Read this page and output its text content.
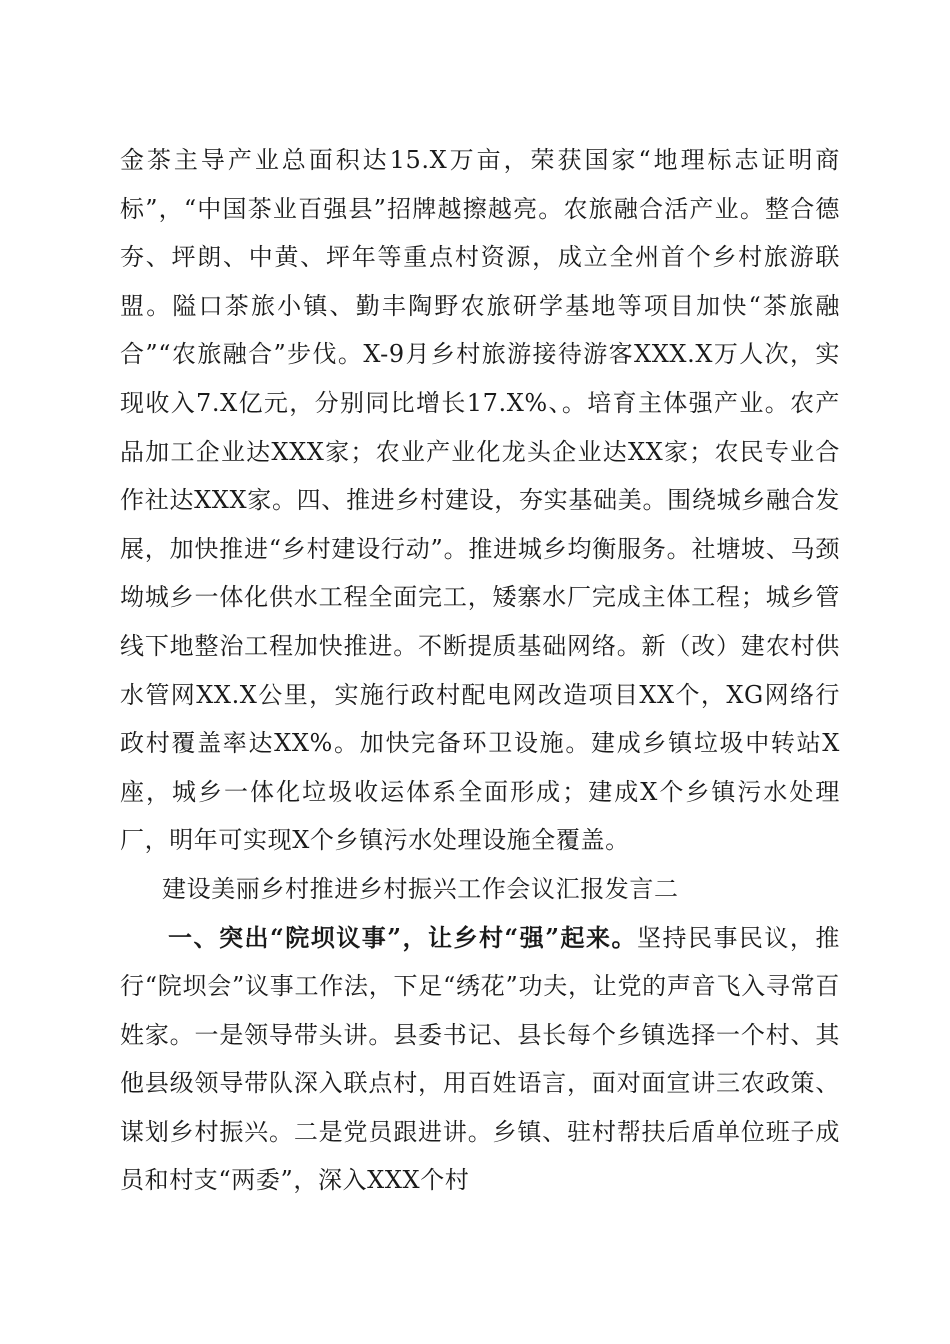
金茶主导产业总面积达15.X万亩，荣获国家“地理标志证明商标”，“中国茶业百强县”招牌越擦越亮。农旅融合活产业。整合德夯、坪朗、中黄、坪年等重点村资源，成立全州首个乡村旅游联盟。隘口茶旅小镇、勤丰陶野农旅研学基地等项目加快“茶旅融合”“农旅融合”步伐。X-9月乡村旅游接待游客XXX.X万人次，实现收入7.X亿元，分别同比增长17.X%、。培育主体强产业。农产品加工企业达XXX家；农业产业化龙头企业达XX家；农民专业合作社达XXX家。四、推进乡村建设，夯实基础美。围绕城乡融合发展，加快推进“乡村建设行动”。推进城乡均衡服务。社塘坡、马颈坳城乡一体化供水工程全面完工，矮寨水厂完成主体工程；城乡管线下地整治工程加快推进。不断提质基础网络。新（改）建农村供水管网XX.X公里，实施行政村配电网改造项目XX个，XG网络行政村覆盖率达XX%。加快完备环卫设施。建成乡镇垃圾中转站X座，城乡一体化垃圾收运体系全面形成；建成X个乡镇污水处理厂，明年可实现X个乡镇污水处理设施全覆盖。

建设美丽乡村推进乡村振兴工作会议汇报发言二

一、突出“院坝议事”，让乡村“强”起来。坚持民事民议，推行“院坝会”议事工作法，下足“绣花”功夫，让党的声音飞入寻常百姓家。一是领导带头讲。县委书记、县长每个乡镇选择一个村、其他县级领导带队深入联点村，用百姓语言，面对面宣讲三农政策、谋划乡村振兴。二是党员跟进讲。乡镇、驻村帮扶后盾单位班子成员和村支“两委”，深入XXX个村
